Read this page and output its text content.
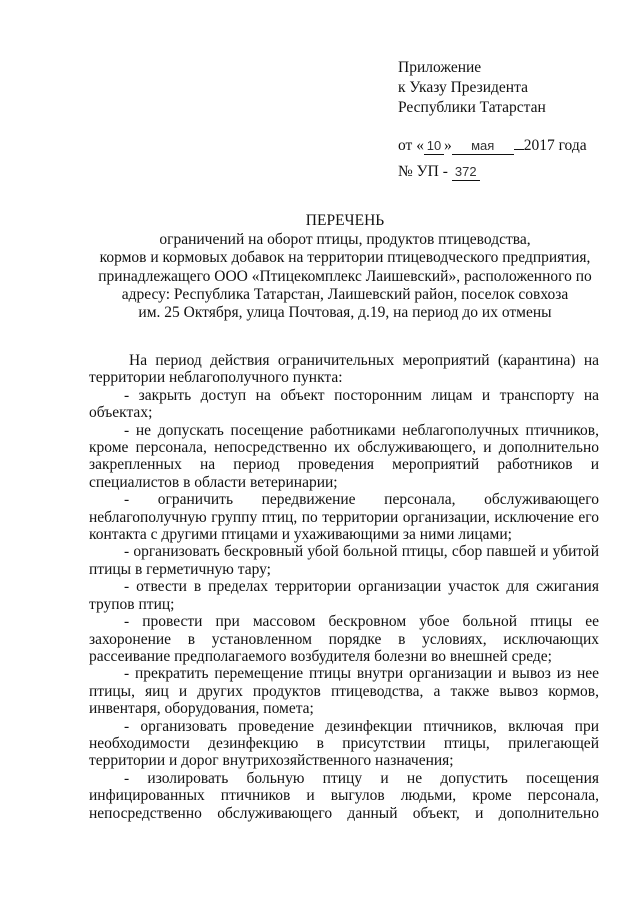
Приложение
к Указу Президента
Республики Татарстан
от « 10 » мая 2017 года
№ УП - 372
ПЕРЕЧЕНЬ
ограничений на оборот птицы, продуктов птицеводства,
кормов и кормовых добавок на территории птицеводческого предприятия,
принадлежащего ООО «Птицекомплекс Лаишевский», расположенного по
адресу: Республика Татарстан, Лаишевский район, поселок совхоза
им. 25 Октября, улица Почтовая, д.19, на период до их отмены

На период действия ограничительных мероприятий (карантина) на территории неблагополучного пункта:

- закрыть доступ на объект посторонним лицам и транспорту на объектах;

- не допускать посещение работниками неблагополучных птичников, кроме персонала, непосредственно их обслуживающего, и дополнительно закрепленных на период проведения мероприятий работников и специалистов в области ветеринарии;

- ограничить передвижение персонала, обслуживающего неблагополучную группу птиц, по территории организации, исключение его контакта с другими птицами и ухаживающими за ними лицами;

- организовать бескровный убой больной птицы, сбор павшей и убитой птицы в герметичную тару;

- отвести в пределах территории организации участок для сжигания трупов птиц;

- провести при массовом бескровном убое больной птицы ее захоронение в установленном порядке в условиях, исключающих рассеивание предполагаемого возбудителя болезни во внешней среде;

- прекратить перемещение птицы внутри организации и вывоз из нее птицы, яиц и других продуктов птицеводства, а также вывоз кормов, инвентаря, оборудования, помета;

- организовать проведение дезинфекции птичников, включая при необходимости дезинфекцию в присутствии птицы, прилегающей территории и дорог внутрихозяйственного назначения;

- изолировать больную птицу и не допустить посещения инфицированных птичников и выгулов людьми, кроме персонала, непосредственно обслуживающего данный объект, и дополнительно
